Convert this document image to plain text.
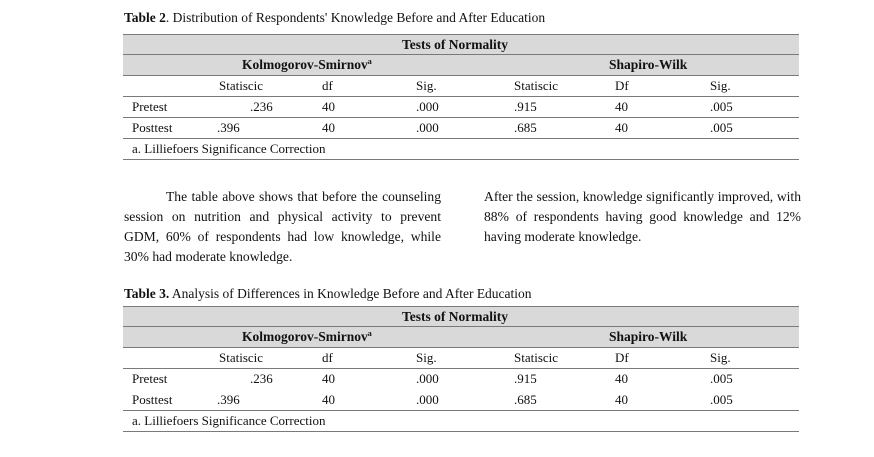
Table 2. Distribution of Respondents' Knowledge Before and After Education
Tests of Normality
Kolmogorov-Smirnov$^a$	Shapiro-Wilk
Statiscic	df	Sig.	Statiscic	Df	Sig.
Pretest	.236	40	.000	.915	40	.005
Posttest	.396	40	.000	.685	40	.005
a. Lilliefoers Significance Correction

The table above shows that before the counseling session on nutrition and physical activity to prevent GDM, 60% of respondents had low knowledge, while 30% had moderate knowledge.

After the session, knowledge significantly improved, with 88% of respondents having good knowledge and 12% having moderate knowledge.

Table 3. Analysis of Differences in Knowledge Before and After Education
Tests of Normality
Kolmogorov-Smirnov$^a$	Shapiro-Wilk
Statiscic	df	Sig.	Statiscic	Df	Sig.
Pretest	.236	40	.000	.915	40	.005
Posttest	.396	40	.000	.685	40	.005
a. Lilliefoers Significance Correction
